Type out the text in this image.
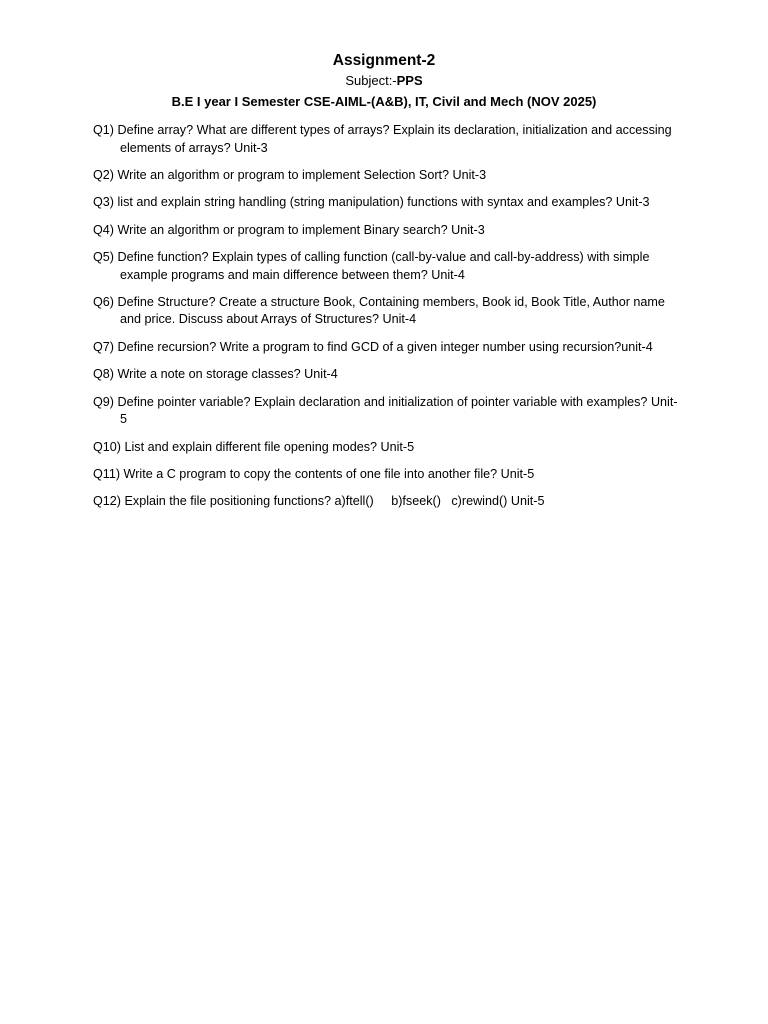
Assignment-2

Subject:-PPS

B.E I year I Semester CSE-AIML-(A&B), IT, Civil and Mech (NOV 2025)

Q1) Define array? What are different types of arrays? Explain its declaration, initialization and accessing elements of arrays? Unit-3
Q2) Write an algorithm or program to implement Selection Sort? Unit-3
Q3) list and explain string handling (string manipulation) functions with syntax and examples? Unit-3
Q4) Write an algorithm or program to implement Binary search? Unit-3
Q5) Define function? Explain types of calling function (call-by-value and call-by-address) with simple example programs and main difference between them? Unit-4
Q6) Define Structure? Create a structure Book, Containing members, Book id, Book Title, Author name and price. Discuss about Arrays of Structures? Unit-4
Q7) Define recursion? Write a program to find GCD of a given integer number using recursion?unit-4
Q8) Write a note on storage classes? Unit-4
Q9) Define pointer variable? Explain declaration and initialization of pointer variable with examples? Unit-5
Q10) List and explain different file opening modes? Unit-5
Q11) Write a C program to copy the contents of one file into another file? Unit-5
Q12) Explain the file positioning functions? a)ftell()     b)fseek()   c)rewind() Unit-5
